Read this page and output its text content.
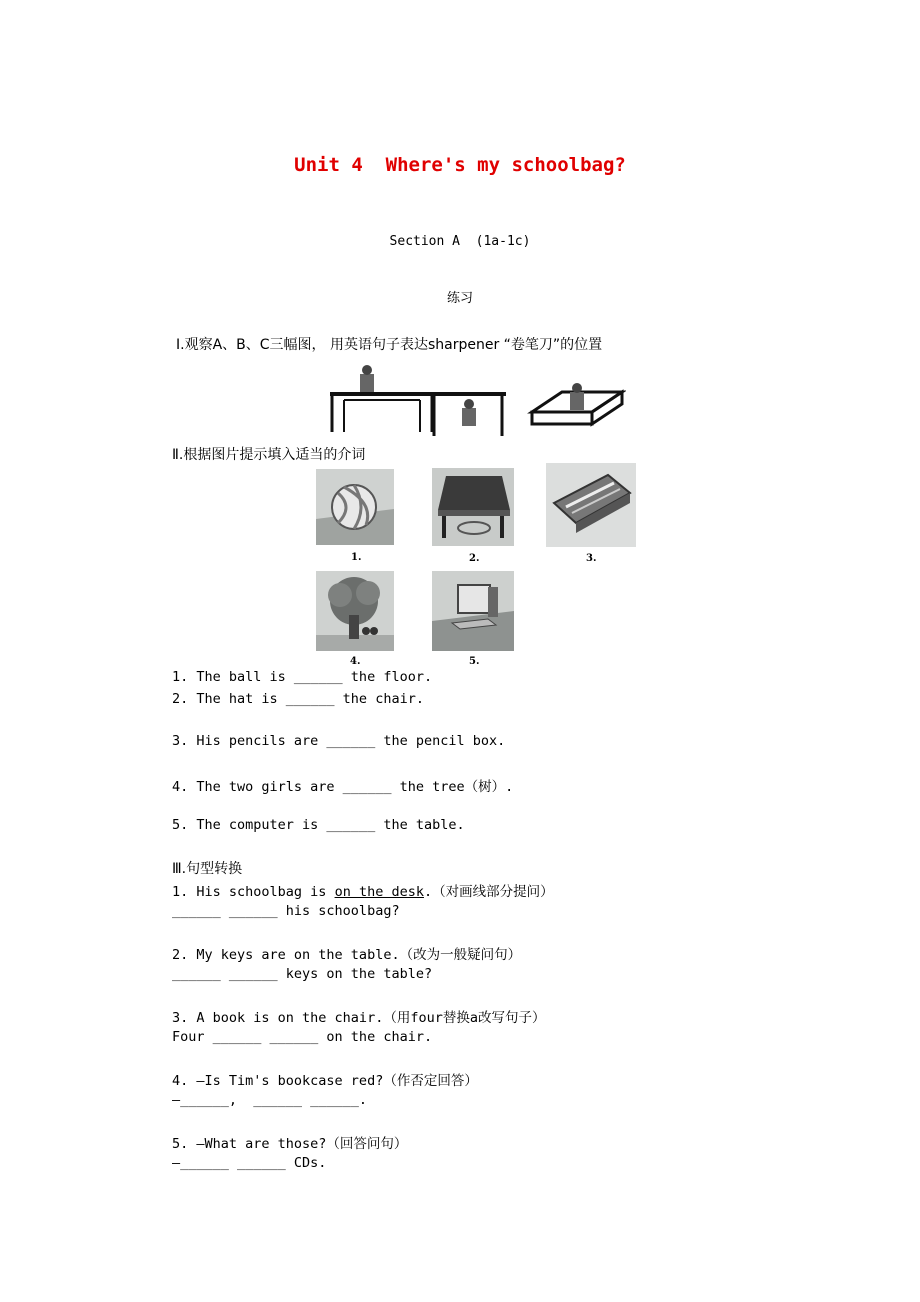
Unit 4  Where's my schoolbag?
Section A  (1a-1c)
练习
Ⅰ.观察A、B、C三幅图， 用英语句子表达sharpener “卷笔刀”的位置
Ⅱ.根据图片提示填入适当的介词
1.	2.	3.
4.	5.
1. The ball is ______ the floor.
2. The hat is ______ the chair.
3. His pencils are ______ the pencil box.
4. The two girls are ______ the tree（树）.
5. The computer is ______ the table.
Ⅲ.句型转换
1. His schoolbag is on the desk.（对画线部分提问）
______ ______ his schoolbag?
2. My keys are on the table.（改为一般疑问句）
______ ______ keys on the table?
3. A book is on the chair.（用four替换a改写句子）
Four ______ ______ on the chair.
4. —Is Tim's bookcase red?（作否定回答）
—______,  ______ ______.
5. —What are those?（回答问句）
—______ ______ CDs.
